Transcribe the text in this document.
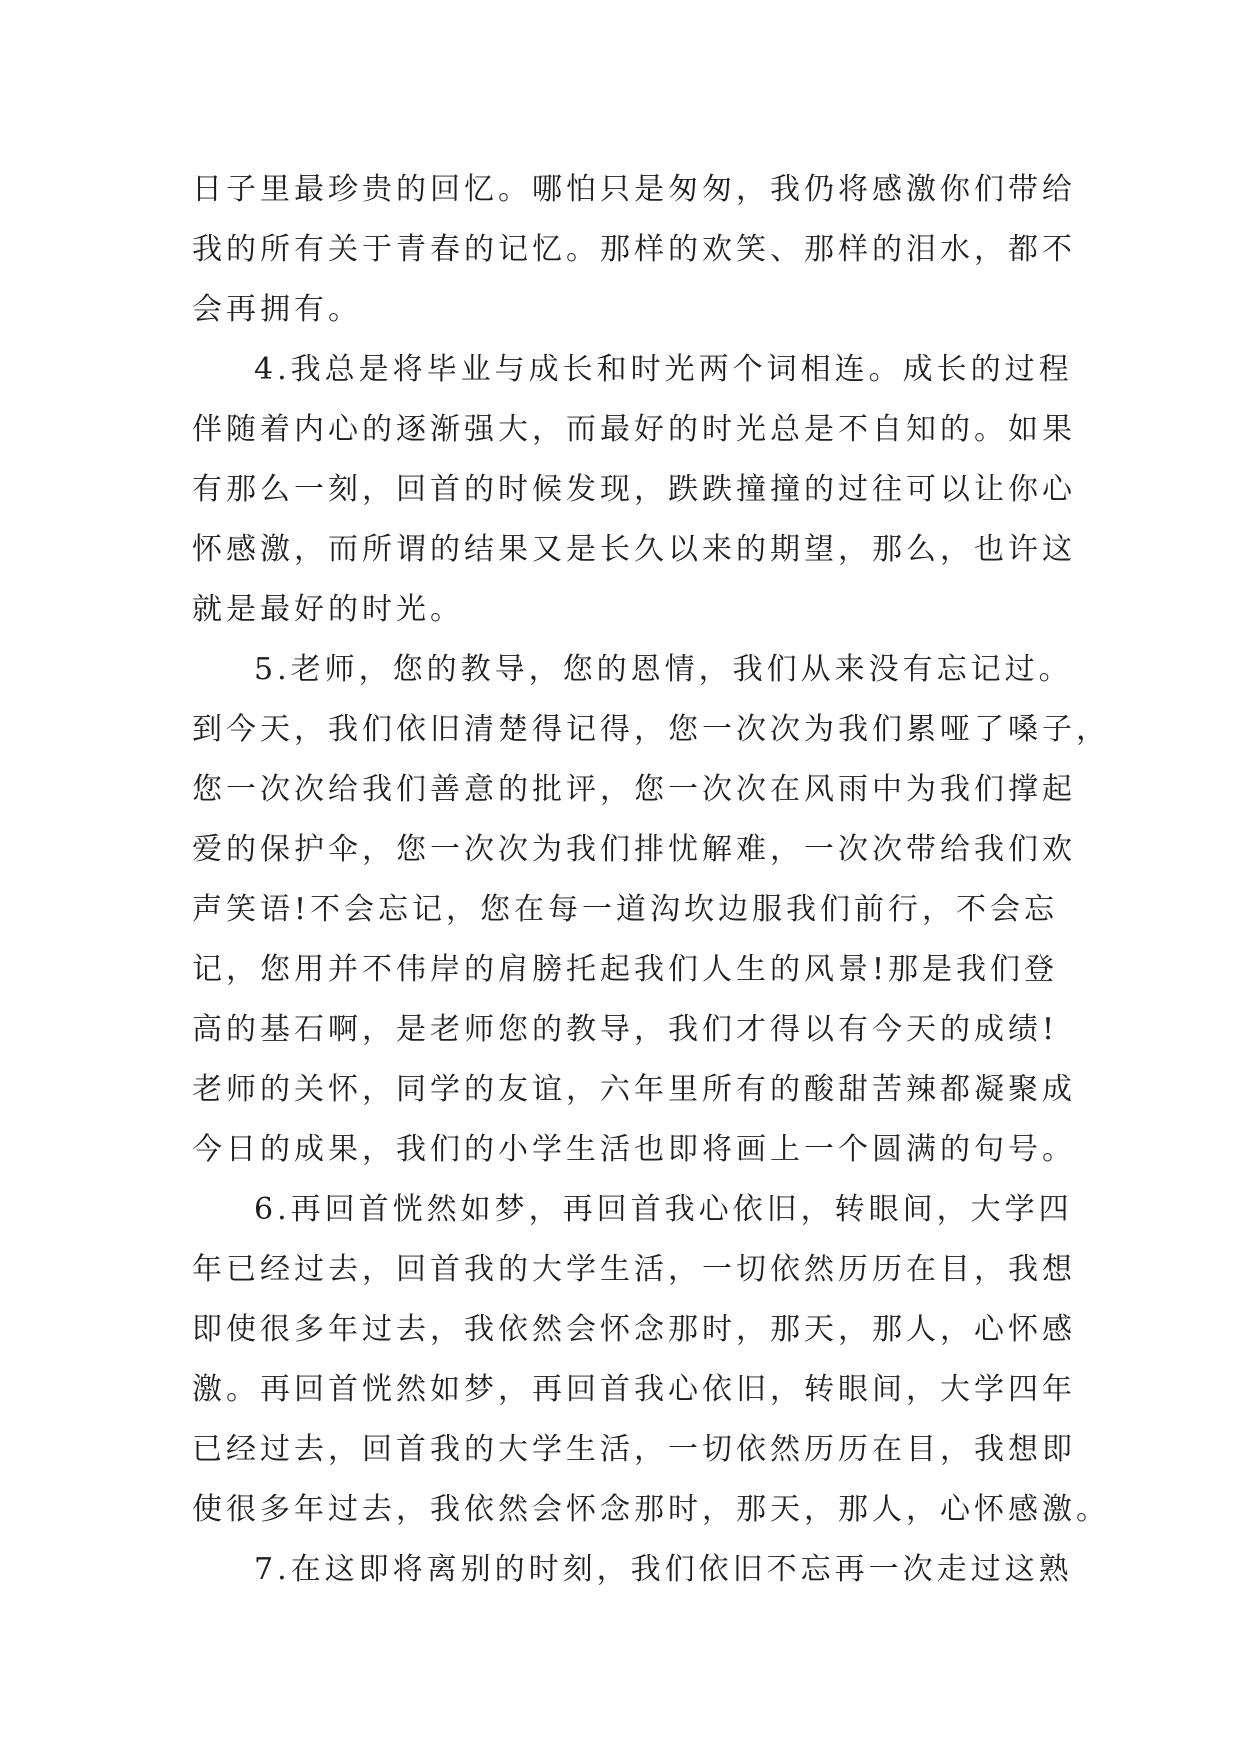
日子里最珍贵的回忆。哪怕只是匆匆，我仍将感激你们带给
我的所有关于青春的记忆。那样的欢笑、那样的泪水，都不
会再拥有。
4.我总是将毕业与成长和时光两个词相连。成长的过程
伴随着内心的逐渐强大，而最好的时光总是不自知的。如果
有那么一刻，回首的时候发现，跌跌撞撞的过往可以让你心
怀感激，而所谓的结果又是长久以来的期望，那么，也许这
就是最好的时光。
5.老师，您的教导，您的恩情，我们从来没有忘记过。
到今天，我们依旧清楚得记得，您一次次为我们累哑了嗓子，
您一次次给我们善意的批评，您一次次在风雨中为我们撑起
爱的保护伞，您一次次为我们排忧解难，一次次带给我们欢
声笑语!不会忘记，您在每一道沟坎边服我们前行，不会忘
记，您用并不伟岸的肩膀托起我们人生的风景!那是我们登
高的基石啊，是老师您的教导，我们才得以有今天的成绩!
老师的关怀，同学的友谊，六年里所有的酸甜苦辣都凝聚成
今日的成果，我们的小学生活也即将画上一个圆满的句号。
6.再回首恍然如梦，再回首我心依旧，转眼间，大学四
年已经过去，回首我的大学生活，一切依然历历在目，我想
即使很多年过去，我依然会怀念那时，那天，那人，心怀感
激。再回首恍然如梦，再回首我心依旧，转眼间，大学四年
已经过去，回首我的大学生活，一切依然历历在目，我想即
使很多年过去，我依然会怀念那时，那天，那人，心怀感激。
7.在这即将离别的时刻，我们依旧不忘再一次走过这熟
